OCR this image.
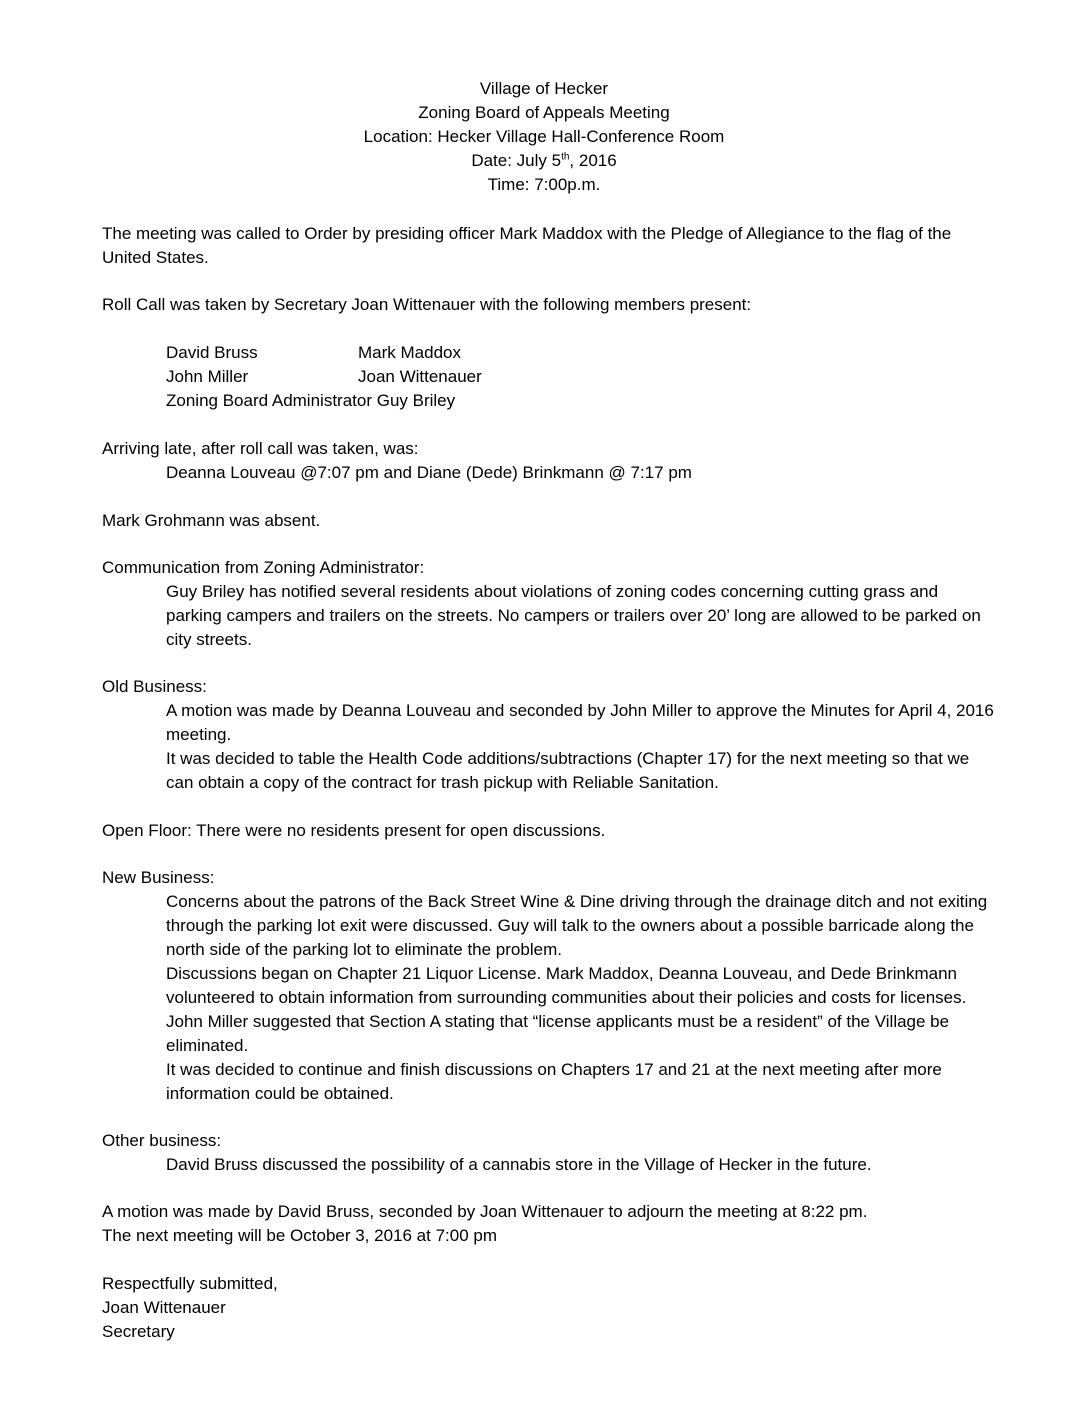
Village of Hecker
Zoning Board of Appeals Meeting
Location: Hecker Village Hall-Conference Room
Date: July 5th, 2016
Time: 7:00p.m.
The meeting was called to Order by presiding officer Mark Maddox with the Pledge of Allegiance to the flag of the United States.
Roll Call was taken by Secretary Joan Wittenauer with the following members present:
David Bruss	Mark Maddox
John Miller	Joan Wittenauer
Zoning Board Administrator Guy Briley
Arriving late, after roll call was taken, was:
Deanna Louveau @7:07 pm and Diane (Dede) Brinkmann @ 7:17 pm
Mark Grohmann was absent.
Communication from Zoning Administrator:
Guy Briley has notified several residents about violations of zoning codes concerning cutting grass and parking campers and trailers on the streets. No campers or trailers over 20’ long are allowed to be parked on city streets.
Old Business:
A motion was made by Deanna Louveau and seconded by John Miller to approve the Minutes for April 4, 2016 meeting.
It was decided to table the Health Code additions/subtractions (Chapter 17) for the next meeting so that we can obtain a copy of the contract for trash pickup with Reliable Sanitation.
Open Floor: There were no residents present for open discussions.
New Business:
Concerns about the patrons of the Back Street Wine & Dine driving through the drainage ditch and not exiting through the parking lot exit were discussed. Guy will talk to the owners about a possible barricade along the north side of the parking lot to eliminate the problem.
Discussions began on Chapter 21 Liquor License. Mark Maddox, Deanna Louveau, and Dede Brinkmann volunteered to obtain information from surrounding communities about their policies and costs for licenses. John Miller suggested that Section A stating that “license applicants must be a resident” of the Village be eliminated.
It was decided to continue and finish discussions on Chapters 17 and 21 at the next meeting after more information could be obtained.
Other business:
David Bruss discussed the possibility of a cannabis store in the Village of Hecker in the future.
A motion was made by David Bruss, seconded by Joan Wittenauer to adjourn the meeting at 8:22 pm.
The next meeting will be October 3, 2016 at 7:00 pm
Respectfully submitted,
Joan Wittenauer
Secretary
